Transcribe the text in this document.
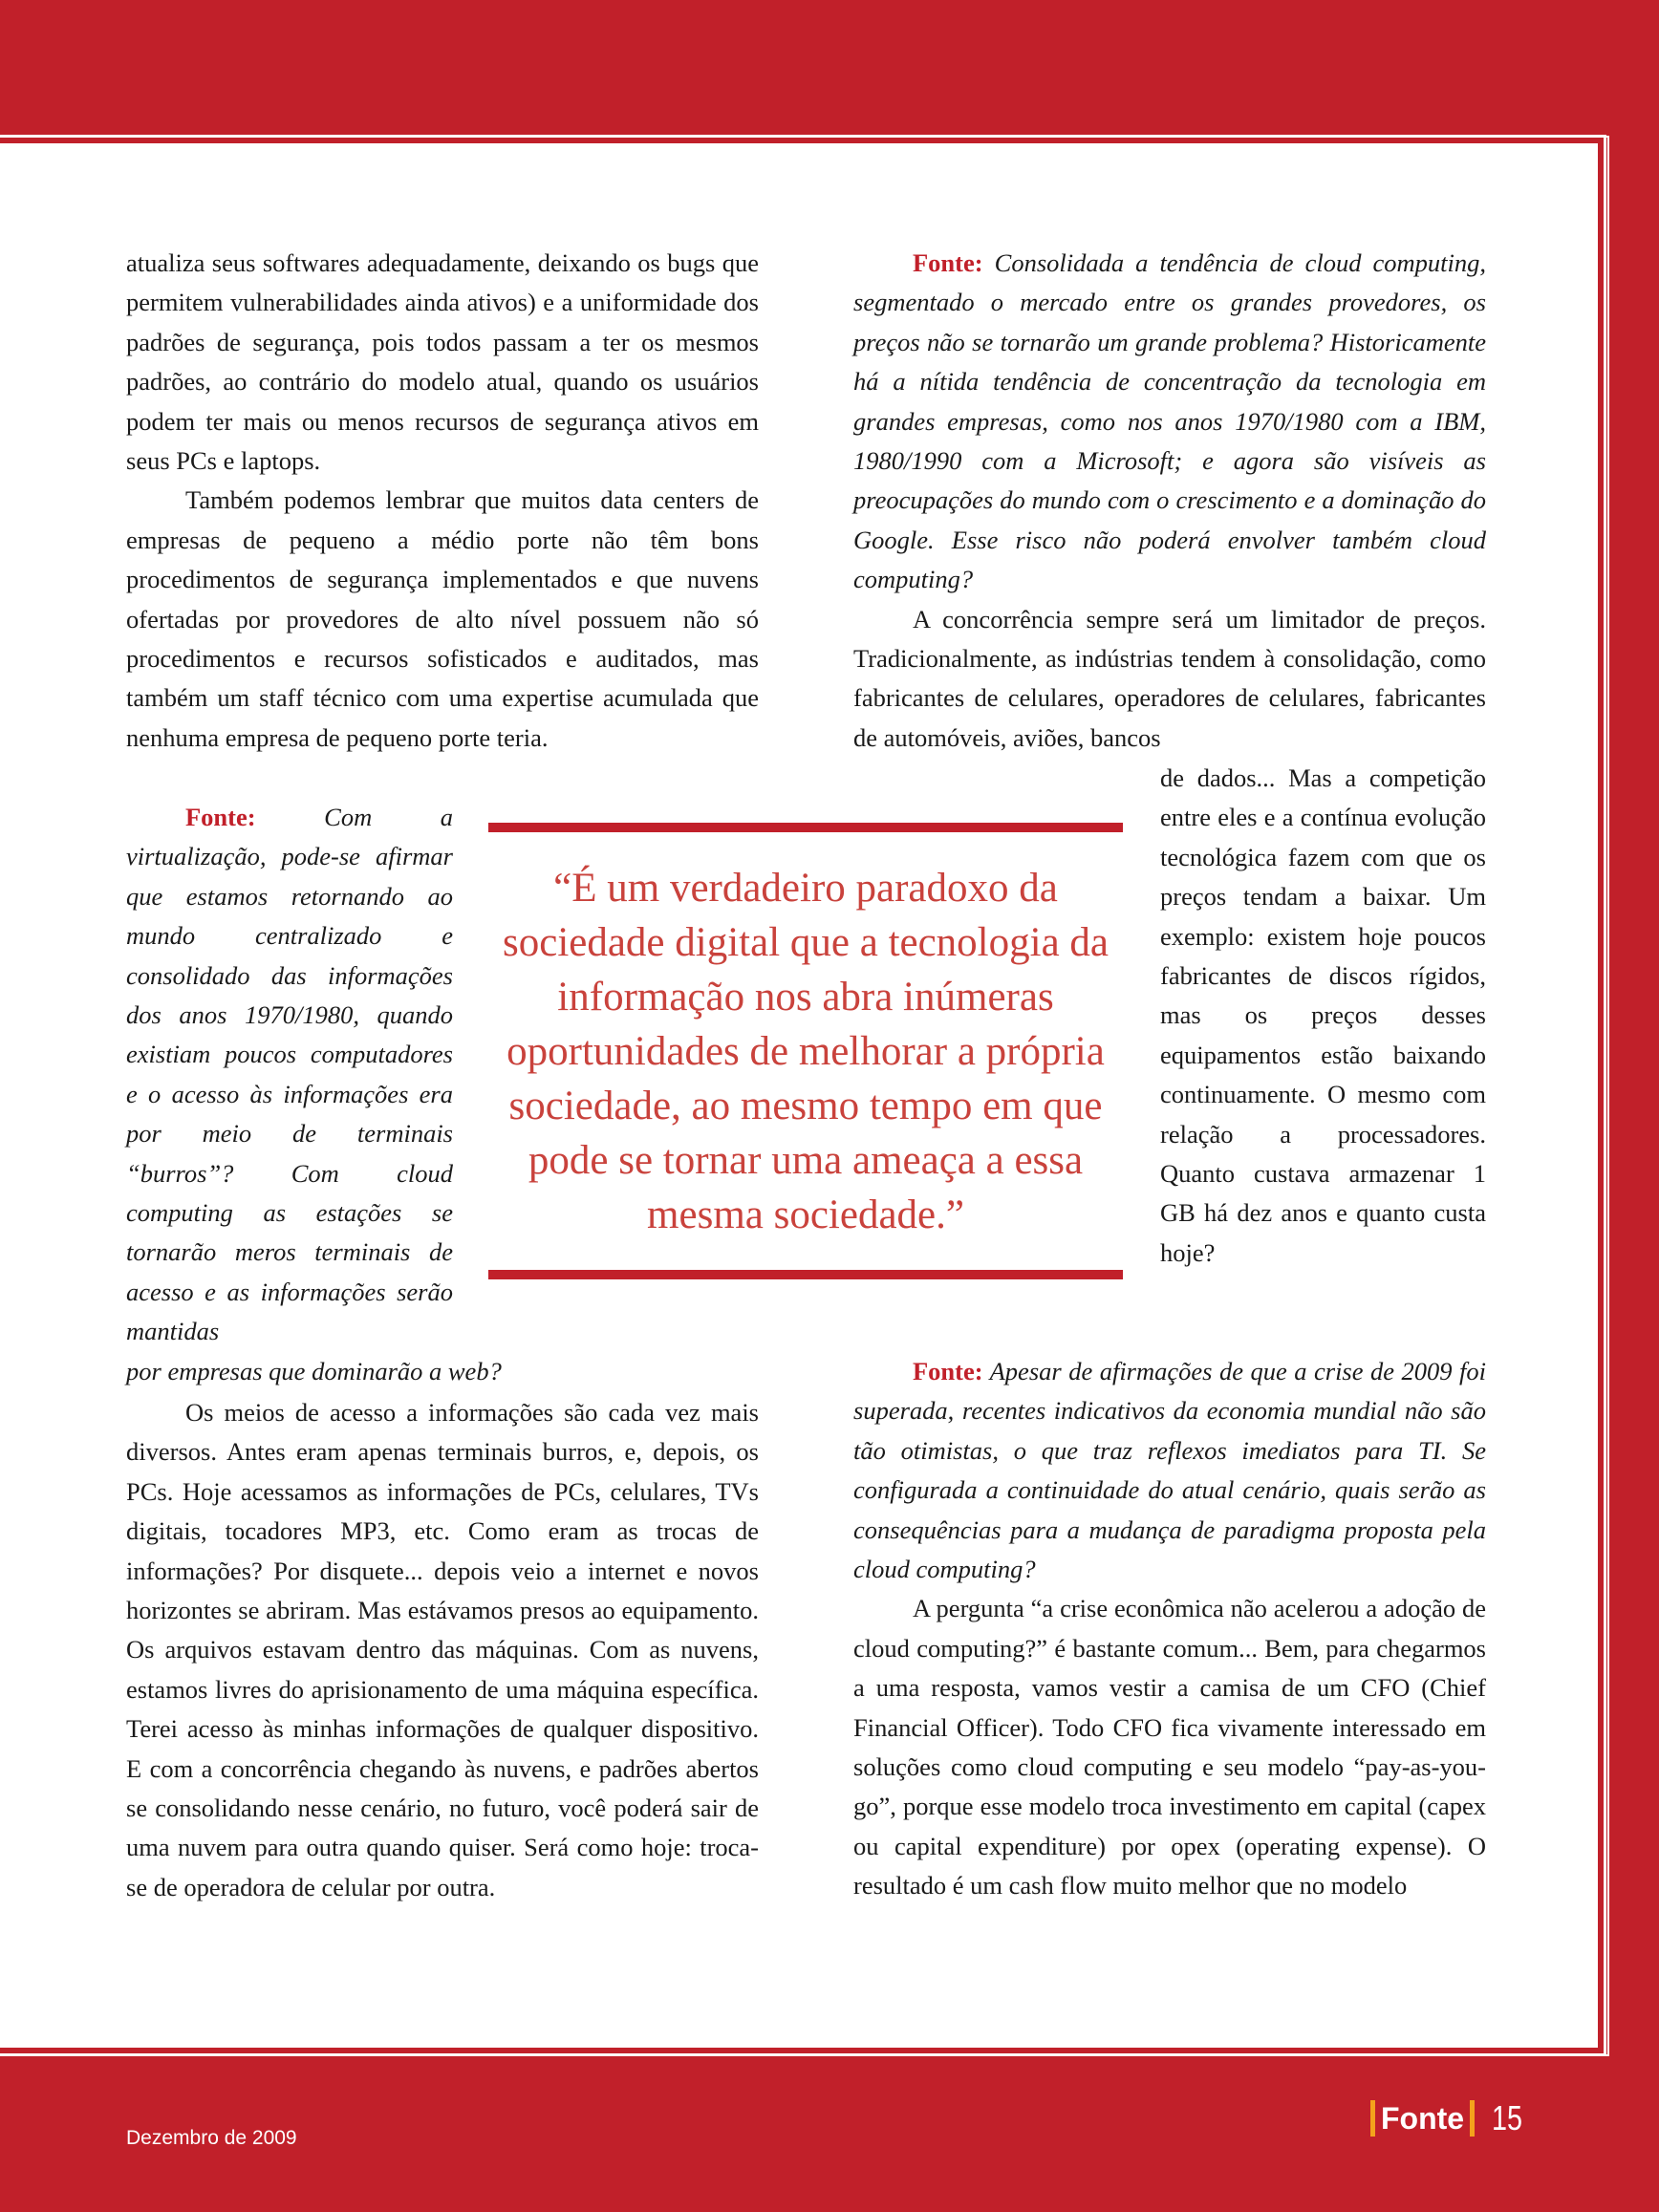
atualiza seus softwares adequadamente, deixando os bugs que permitem vulnerabilidades ainda ativos) e a uniformidade dos padrões de segurança, pois todos passam a ter os mesmos padrões, ao contrário do modelo atual, quando os usuários podem ter mais ou menos recursos de segurança ativos em seus PCs e laptops.

Também podemos lembrar que muitos data centers de empresas de pequeno a médio porte não têm bons procedimentos de segurança implementados e que nuvens ofertadas por provedores de alto nível possuem não só procedimentos e recursos sofisticados e auditados, mas também um staff técnico com uma expertise acumulada que nenhuma empresa de pequeno porte teria.

Fonte:	Com a virtualização, pode-se afirmar que estamos retornando ao mundo centralizado e consolidado das informações dos anos 1970/1980, quando existiam poucos computadores e o acesso às informações era por meio de terminais “burros”? Com cloud computing as estações se tornarão meros terminais de acesso e as informações serão mantidas

por empresas que dominarão a web?

Os meios de acesso a informações são cada vez mais diversos. Antes eram apenas terminais burros, e, depois, os PCs. Hoje acessamos as informações de PCs, celulares, TVs digitais, tocadores MP3, etc. Como eram as trocas de informações? Por disquete... depois veio a internet e novos horizontes se abriram. Mas estávamos presos ao equipamento. Os arquivos estavam dentro das máquinas. Com as nuvens, estamos livres do aprisionamento de uma máquina específica. Terei acesso às minhas informações de qualquer dispositivo. E com a concorrência chegando às nuvens, e padrões abertos se consolidando nesse cenário, no futuro, você poderá sair de uma nuvem para outra quando quiser. Será como hoje: troca-se de operadora de celular por outra.

Fonte: Consolidada a tendência de cloud computing, segmentado o mercado entre os grandes provedores, os preços não se tornarão um grande problema? Historicamente há a nítida tendência de concentração da tecnologia em grandes empresas, como nos anos 1970/1980 com a IBM, 1980/1990 com a Microsoft; e agora são visíveis as preocupações do mundo com o crescimento e a dominação do Google. Esse risco não poderá envolver também cloud computing?

A concorrência sempre será um limitador de preços. Tradicionalmente, as indústrias tendem à consolidação, como fabricantes de celulares, operadores de celulares, fabricantes de automóveis, aviões, bancos

de dados... Mas a competição entre eles e a contínua evolução tecnológica fazem com que os preços tendam a baixar. Um exemplo: existem hoje poucos fabricantes de discos rígidos, mas os preços desses equipamentos estão baixando continuamente. O mesmo com relação a processadores. Quanto custava armazenar 1 GB há dez anos e quanto custa hoje?

Fonte: Apesar de afirmações de que a crise de 2009 foi superada, recentes indicativos da economia mundial não são tão otimistas, o que traz reflexos imediatos para TI. Se configurada a continuidade do atual cenário, quais serão as consequências para a mudança de paradigma proposta pela cloud computing?

A pergunta “a crise econômica não acelerou a adoção de cloud computing?” é bastante comum... Bem, para chegarmos a uma resposta, vamos vestir a camisa de um CFO (Chief Financial Officer). Todo CFO fica vivamente interessado em soluções como cloud computing e seu modelo “pay-as-you-go”, porque esse modelo troca investimento em capital (capex ou capital expenditure) por opex (operating expense). O resultado é um cash flow muito melhor que no modelo

“É um verdadeiro paradoxo da sociedade digital que a tecnologia da informação nos abra inúmeras oportunidades de melhorar a própria sociedade, ao mesmo tempo em que pode se tornar uma ameaça a essa mesma sociedade.”
Dezembro de 2009
Fonte 15
